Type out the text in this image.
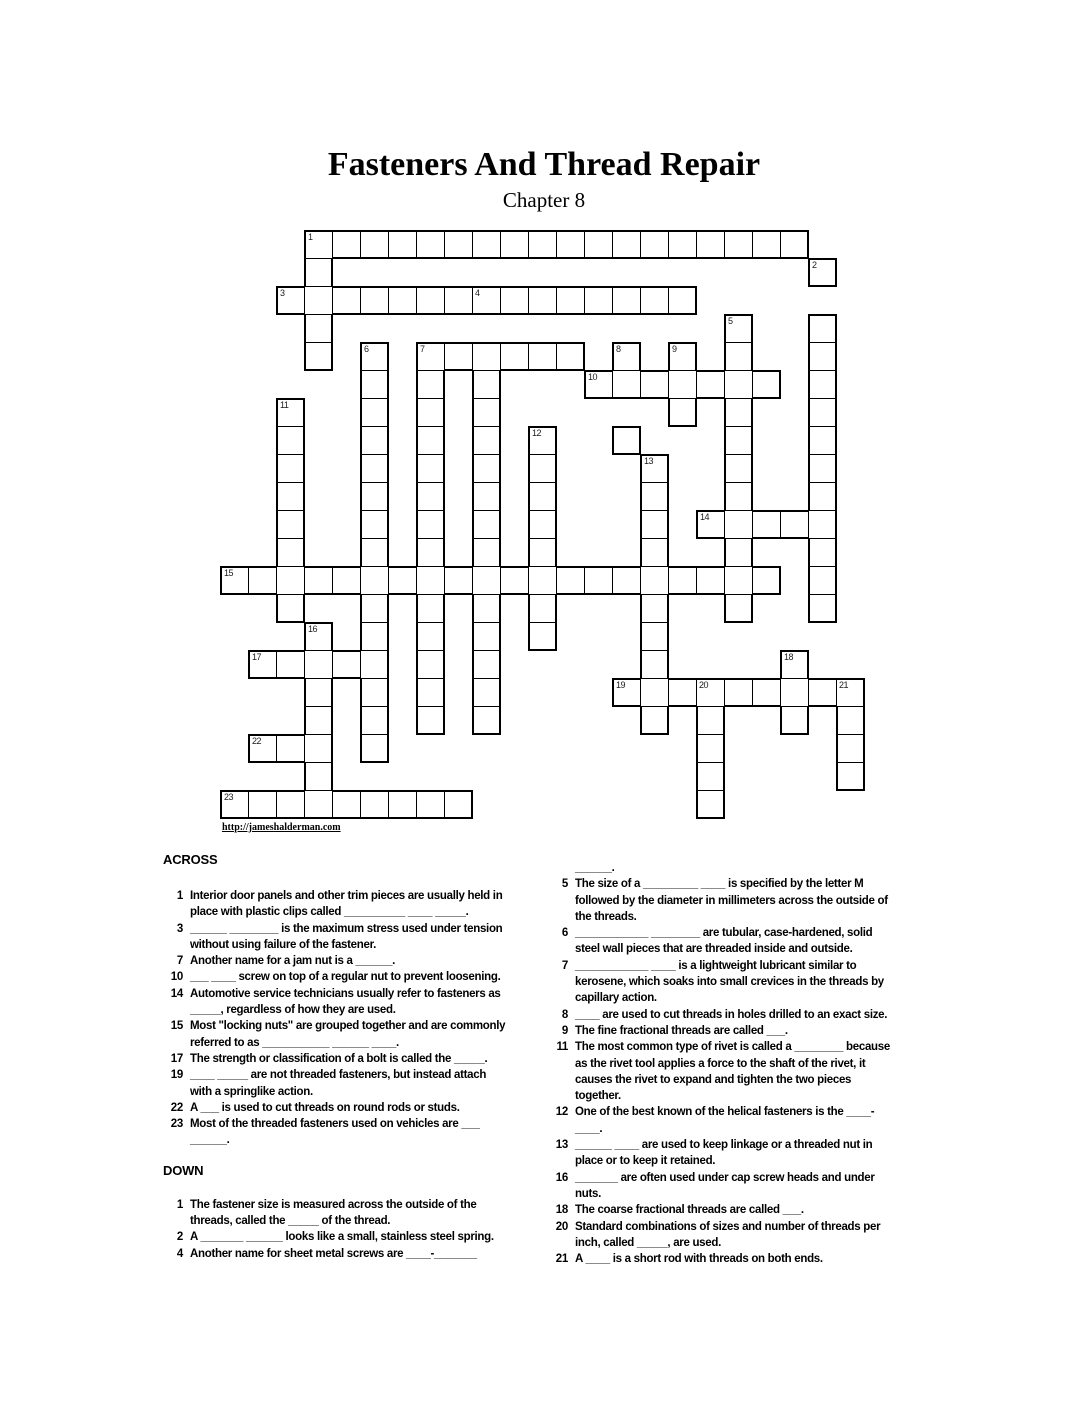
Fasteners And Thread Repair
Chapter 8
1
2
3	4
5
6	7	8	9
10
11
12
13
14
15
16
17	18
19	20	21
22
23
http://jameshalderman.com
ACROSS
1 Interior door panels and other trim pieces are usually held in place with plastic clips called __________ ____ _____.
3 ______ ________ is the maximum stress used under tension without using failure of the fastener.
7 Another name for a jam nut is a ______.
10 ___ ____ screw on top of a regular nut to prevent loosening.
14 Automotive service technicians usually refer to fasteners as _____, regardless of how they are used.
15 Most "locking nuts" are grouped together and are commonly referred to as ___________ ______ ____.
17 The strength or classification of a bolt is called the _____.
19 ____ _____ are not threaded fasteners, but instead attach with a springlike action.
22 A ___ is used to cut threads on round rods or studs.
23 Most of the threaded fasteners used on vehicles are ___ ______.
DOWN
1 The fastener size is measured across the outside of the threads, called the _____ of the thread.
2 A _______ ______ looks like a small, stainless steel spring.
4 Another name for sheet metal screws are ____-_______
______.
5 The size of a _________ ____ is specified by the letter M followed by the diameter in millimeters across the outside of the threads.
6 ____________ ________ are tubular, case-hardened, solid steel wall pieces that are threaded inside and outside.
7 ____________ ____ is a lightweight lubricant similar to kerosene, which soaks into small crevices in the threads by capillary action.
8 ____ are used to cut threads in holes drilled to an exact size.
9 The fine fractional threads are called ___.
11 The most common type of rivet is called a ________ because as the rivet tool applies a force to the shaft of the rivet, it causes the rivet to expand and tighten the two pieces together.
12 One of the best known of the helical fasteners is the ____-____.
13 ______ ____ are used to keep linkage or a threaded nut in place or to keep it retained.
16 _______ are often used under cap screw heads and under nuts.
18 The coarse fractional threads are called ___.
20 Standard combinations of sizes and number of threads per inch, called _____, are used.
21 A ____ is a short rod with threads on both ends.
